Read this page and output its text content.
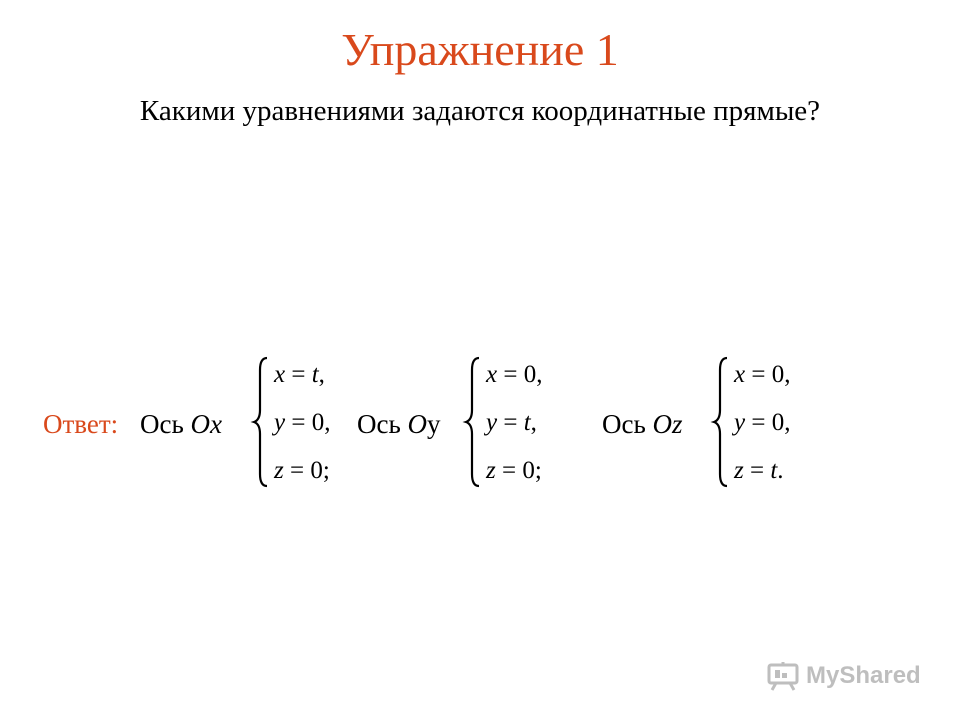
Упражнение 1
Какими уравнениями задаются координатные прямые?
Ответ: Ось Ox
x = t,
y = 0,
z = 0;
Ось Oy
x = 0,
y = t,
z = 0;
Ось Oz
x = 0,
y = 0,
z = t.
MyShared
